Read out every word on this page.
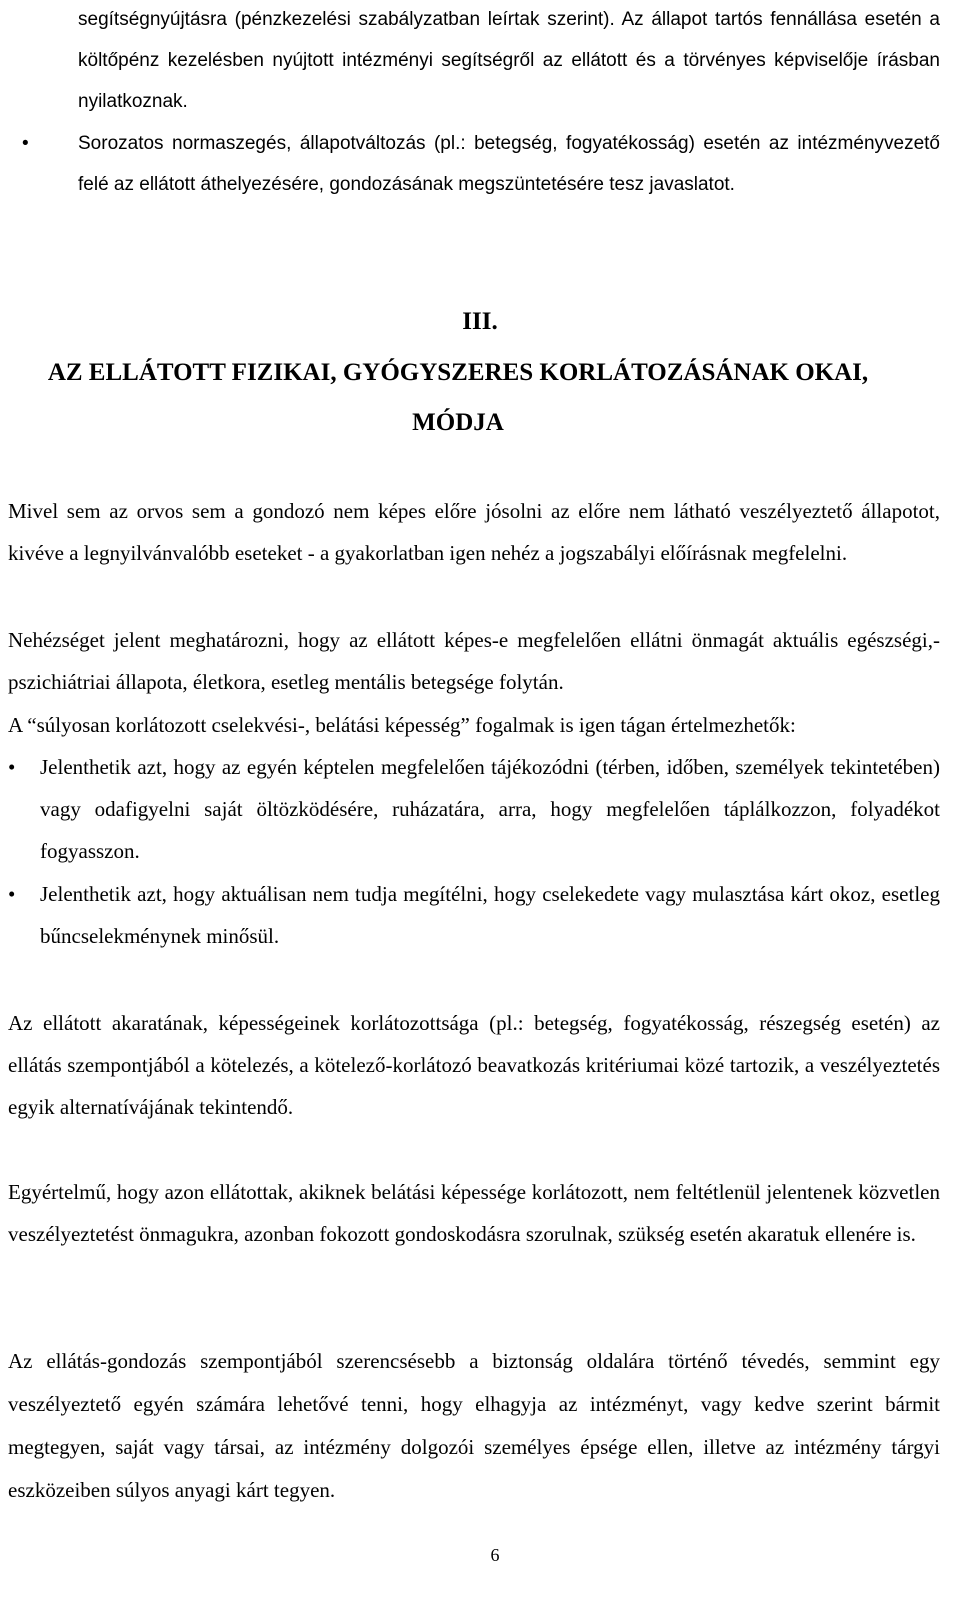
segítségnyújtásra (pénzkezelési szabályzatban leírtak szerint). Az állapot tartós fennállása esetén a költőpénz kezelésben nyújtott intézményi segítségről az ellátott és a törvényes képviselője írásban nyilatkoznak.

•	Sorozatos normaszegés, állapotváltozás (pl.: betegség, fogyatékosság) esetén az intézményvezető felé az ellátott áthelyezésére, gondozásának megszüntetésére tesz javaslatot.

III.
AZ ELLÁTOTT FIZIKAI, GYÓGYSZERES KORLÁTOZÁSÁNAK OKAI, MÓDJA

Mivel sem az orvos sem a gondozó nem képes előre jósolni az előre nem látható veszélyeztető állapotot, kivéve a legnyilvánvalóbb eseteket - a gyakorlatban igen nehéz a jogszabályi előírásnak megfelelni.

Nehézséget jelent meghatározni, hogy az ellátott képes-e megfelelően ellátni önmagát aktuális egészségi,- pszichiátriai állapota, életkora, esetleg mentális betegsége folytán.

A “súlyosan korlátozott cselekvési-, belátási képesség” fogalmak is igen tágan értelmezhetők:

• Jelenthetik azt, hogy az egyén képtelen megfelelően tájékozódni (térben, időben, személyek tekintetében) vagy odafigyelni saját öltözködésére, ruházatára, arra, hogy megfelelően táplálkozzon, folyadékot fogyasszon.

• Jelenthetik azt, hogy aktuálisan nem tudja megítélni, hogy cselekedete vagy mulasztása kárt okoz, esetleg bűncselekménynek minősül.

Az ellátott akaratának, képességeinek korlátozottsága (pl.: betegség, fogyatékosság, részegség esetén) az ellátás szempontjából a kötelezés, a kötelező-korlátozó beavatkozás kritériumai közé tartozik, a veszélyeztetés egyik alternatívájának tekintendő.

Egyértelmű, hogy azon ellátottak, akiknek belátási képessége korlátozott, nem feltétlenül jelentenek közvetlen veszélyeztetést önmagukra, azonban fokozott gondoskodásra szorulnak, szükség esetén akaratuk ellenére is.

Az ellátás-gondozás szempontjából szerencsésebb a biztonság oldalára történő tévedés, semmint egy veszélyeztető egyén számára lehetővé tenni, hogy elhagyja az intézményt, vagy kedve szerint bármit megtegyen, saját vagy társai, az intézmény dolgozói személyes épsége ellen, illetve az intézmény tárgyi eszközeiben súlyos anyagi kárt tegyen.

6
